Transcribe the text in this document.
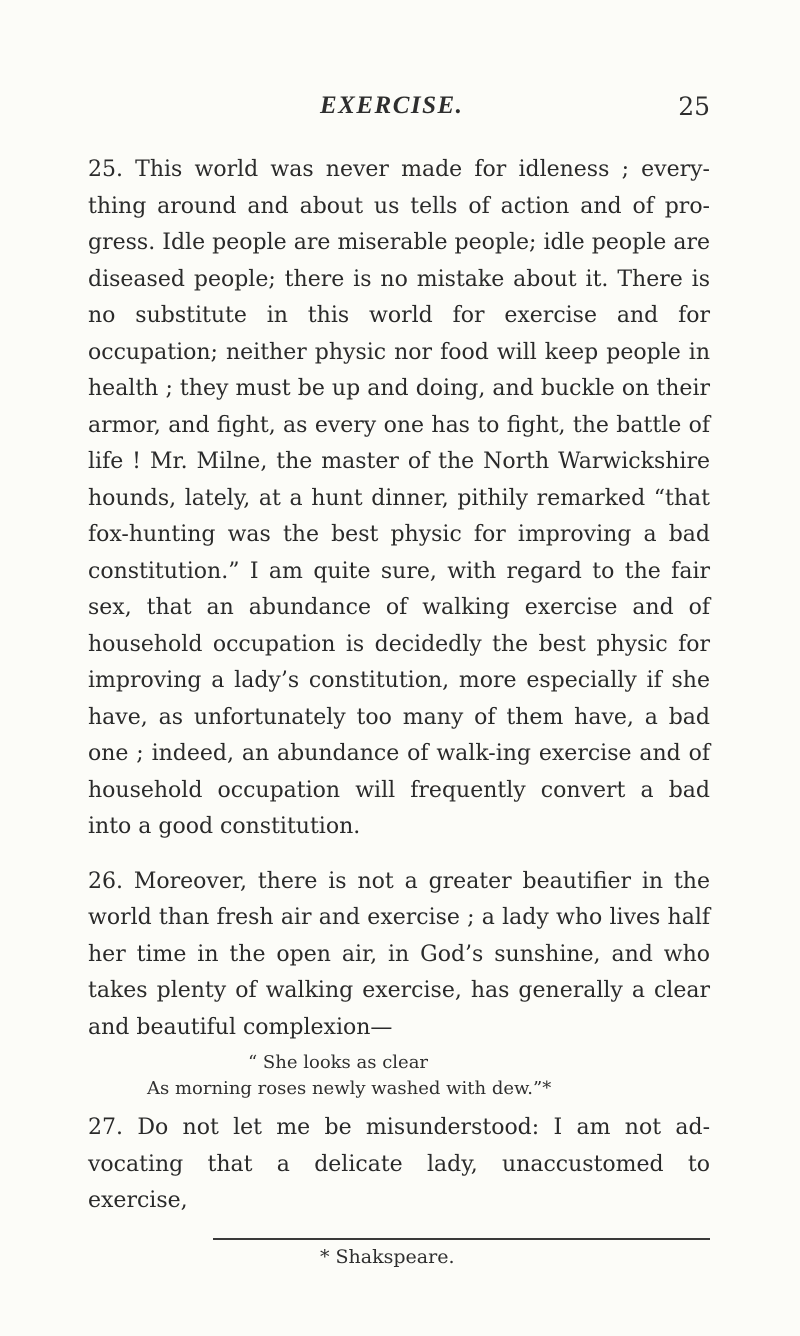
EXERCISE.	25

25. This world was never made for idleness ; every-thing around and about us tells of action and of pro-gress. Idle people are miserable people; idle people are diseased people; there is no mistake about it. There is no substitute in this world for exercise and for occupation; neither physic nor food will keep people in health ; they must be up and doing, and buckle on their armor, and fight, as every one has to fight, the battle of life ! Mr. Milne, the master of the North Warwickshire hounds, lately, at a hunt dinner, pithily remarked “that fox-hunting was the best physic for improving a bad constitution.” I am quite sure, with regard to the fair sex, that an abundance of walking exercise and of household occupation is decidedly the best physic for improving a lady’s constitution, more especially if she have, as unfortunately too many of them have, a bad one ; indeed, an abundance of walk-ing exercise and of household occupation will frequently convert a bad into a good constitution.

26. Moreover, there is not a greater beautifier in the world than fresh air and exercise ; a lady who lives half her time in the open air, in God’s sunshine, and who takes plenty of walking exercise, has generally a clear and beautiful complexion—

“ She looks as clear
As morning roses newly washed with dew.”*

27. Do not let me be misunderstood: I am not ad-vocating that a delicate lady, unaccustomed to exercise,

* Shakspeare.
